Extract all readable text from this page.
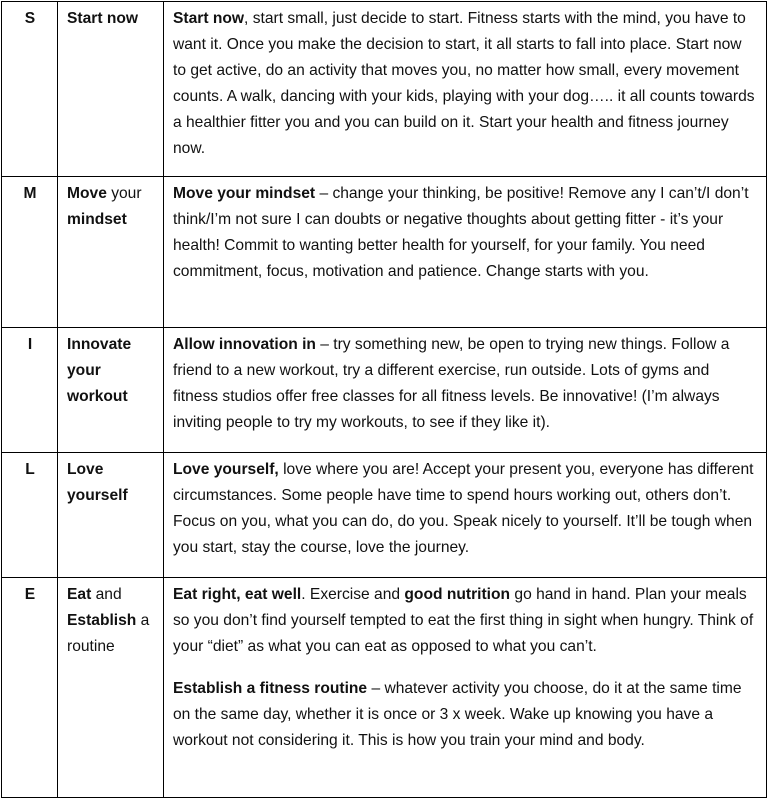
S	Start now	Start now, start small, just decide to start. Fitness starts with the mind, you have to want it. Once you make the decision to start, it all starts to fall into place. Start now to get active, do an activity that moves you, no matter how small, every movement counts. A walk, dancing with your kids, playing with your dog….. it all counts towards a healthier fitter you and you can build on it. Start your health and fitness journey now.

M	Move your mindset	Move your mindset – change your thinking, be positive! Remove any I can’t/I don’t think/I’m not sure I can doubts or negative thoughts about getting fitter - it’s your health! Commit to wanting better health for yourself, for your family. You need commitment, focus, motivation and patience. Change starts with you.

I	Innovate your workout	Allow innovation in – try something new, be open to trying new things. Follow a friend to a new workout, try a different exercise, run outside. Lots of gyms and fitness studios offer free classes for all fitness levels. Be innovative! (I’m always inviting people to try my workouts, to see if they like it).

L	Love yourself	Love yourself, love where you are! Accept your present you, everyone has different circumstances. Some people have time to spend hours working out, others don’t. Focus on you, what you can do, do you. Speak nicely to yourself. It’ll be tough when you start, stay the course, love the journey.

E	Eat and Establish a routine	Eat right, eat well. Exercise and good nutrition go hand in hand. Plan your meals so you don’t find yourself tempted to eat the first thing in sight when hungry. Think of your “diet” as what you can eat as opposed to what you can’t.

Establish a fitness routine – whatever activity you choose, do it at the same time on the same day, whether it is once or 3 x week. Wake up knowing you have a workout not considering it. This is how you train your mind and body.
